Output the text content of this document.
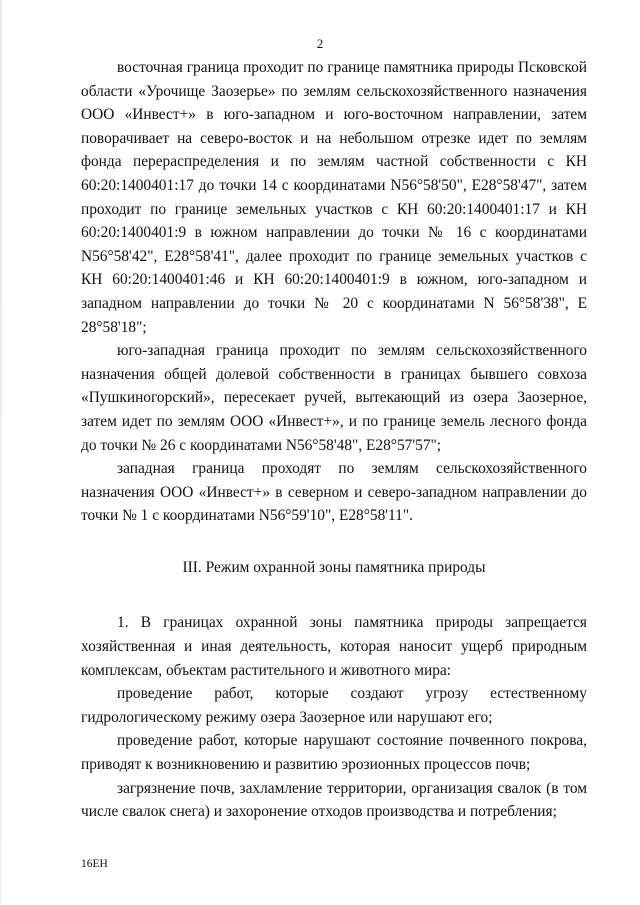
2

восточная граница проходит по границе памятника природы Псковской области «Урочище Заозерье» по землям сельскохозяйственного назначения ООО «Инвест+» в юго-западном и юго-восточном направлении, затем поворачивает на северо-восток и на небольшом отрезке идет по землям фонда перераспределения и по землям частной собственности с КН 60:20:1400401:17 до точки 14 с координатами N56°58'50", E28°58'47", затем проходит по границе земельных участков с КН 60:20:1400401:17 и КН 60:20:1400401:9 в южном направлении до точки № 16 с координатами N56°58'42", E28°58'41", далее проходит по границе земельных участков с КН 60:20:1400401:46 и КН 60:20:1400401:9 в южном, юго-западном и западном направлении до точки № 20 с координатами N 56°58'38", E 28°58'18";

юго-западная граница проходит по землям сельскохозяйственного назначения общей долевой собственности в границах бывшего совхоза «Пушкиногорский», пересекает ручей, вытекающий из озера Заозерное, затем идет по землям ООО «Инвест+», и по границе земель лесного фонда до точки № 26 с координатами N56°58'48", E28°57'57";

западная граница проходят по землям сельскохозяйственного назначения ООО «Инвест+» в северном и северо-западном направлении до точки № 1 с координатами N56°59'10", E28°58'11".

III. Режим охранной зоны памятника природы

1. В границах охранной зоны памятника природы запрещается хозяйственная и иная деятельность, которая наносит ущерб природным комплексам, объектам растительного и животного мира:

проведение работ, которые создают угрозу естественному гидрологическому режиму озера Заозерное или нарушают его;

проведение работ, которые нарушают состояние почвенного покрова, приводят к возникновению и развитию эрозионных процессов почв;

загрязнение почв, захламление территории, организация свалок (в том числе свалок снега) и захоронение отходов производства и потребления;

16ЕН
